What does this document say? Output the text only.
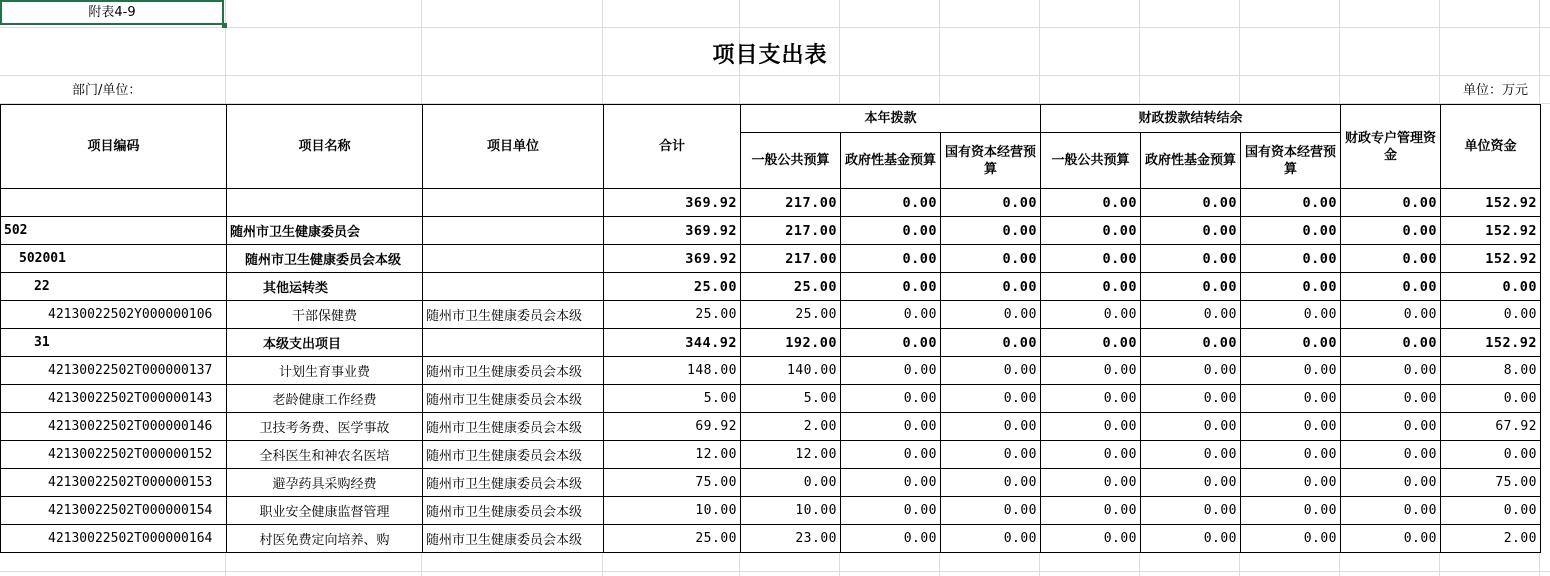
附表4-9
项目支出表
部门/单位：	单位：万元
项目编码	项目名称	项目单位	合计	本年拨款			财政拨款结转结余			财政专户管理资金	单位资金
				一般公共预算	政府性基金预算	国有资本经营预算	一般公共预算	政府性基金预算	国有资本经营预算		
			369.92	217.00	0.00	0.00	0.00	0.00	0.00	0.00	152.92
502	随州市卫生健康委员会		369.92	217.00	0.00	0.00	0.00	0.00	0.00	0.00	152.92
502001	随州市卫生健康委员会本级		369.92	217.00	0.00	0.00	0.00	0.00	0.00	0.00	152.92
22	其他运转类		25.00	25.00	0.00	0.00	0.00	0.00	0.00	0.00	0.00
42130022502Y000000106	干部保健费	随州市卫生健康委员会本级	25.00	25.00	0.00	0.00	0.00	0.00	0.00	0.00	0.00
31	本级支出项目		344.92	192.00	0.00	0.00	0.00	0.00	0.00	0.00	152.92
42130022502T000000137	计划生育事业费	随州市卫生健康委员会本级	148.00	140.00	0.00	0.00	0.00	0.00	0.00	0.00	8.00
42130022502T000000143	老龄健康工作经费	随州市卫生健康委员会本级	5.00	5.00	0.00	0.00	0.00	0.00	0.00	0.00	0.00
42130022502T000000146	卫技考务费、医学事故	随州市卫生健康委员会本级	69.92	2.00	0.00	0.00	0.00	0.00	0.00	0.00	67.92
42130022502T000000152	全科医生和神农名医培	随州市卫生健康委员会本级	12.00	12.00	0.00	0.00	0.00	0.00	0.00	0.00	0.00
42130022502T000000153	避孕药具采购经费	随州市卫生健康委员会本级	75.00	0.00	0.00	0.00	0.00	0.00	0.00	0.00	75.00
42130022502T000000154	职业安全健康监督管理	随州市卫生健康委员会本级	10.00	10.00	0.00	0.00	0.00	0.00	0.00	0.00	0.00
42130022502T000000164	村医免费定向培养、购	随州市卫生健康委员会本级	25.00	23.00	0.00	0.00	0.00	0.00	0.00	0.00	2.00
